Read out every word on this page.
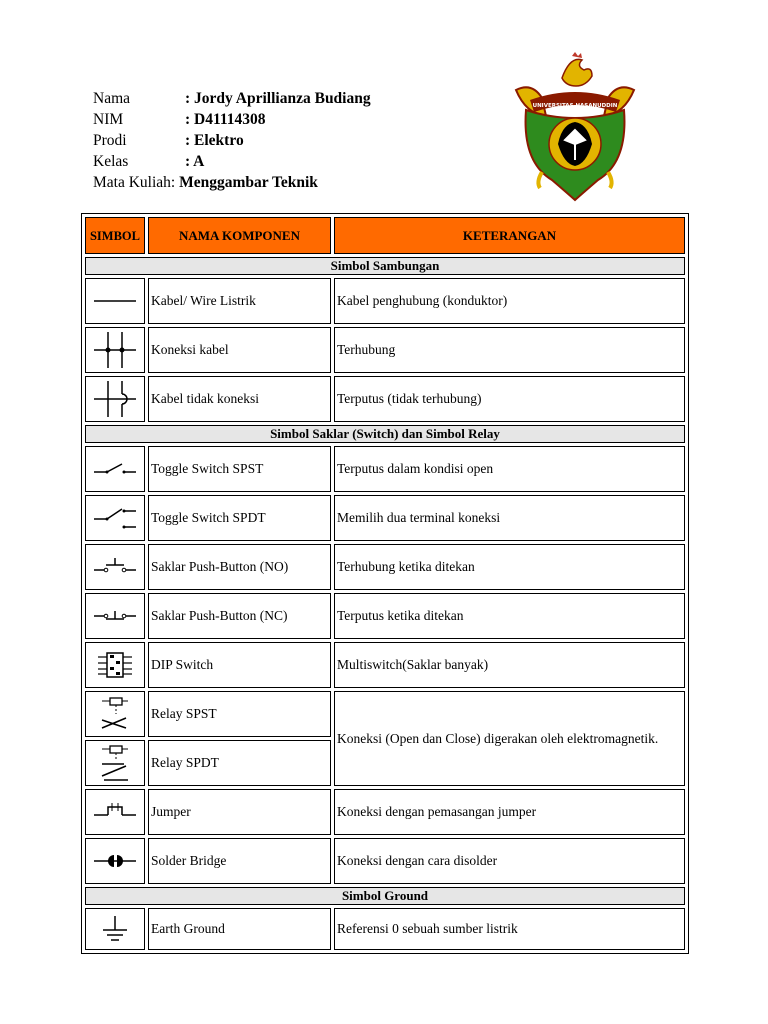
Nama	: Jordy Aprillianza Budiang
NIM	: D41114308
Prodi	: Elektro
Kelas	: A
Mata Kuliah:
Menggambar Teknik
UNIVERSITAS HASANUDDIN
SIMBOL	NAMA KOMPONEN	KETERANGAN
Simbol Sambungan		

	Kabel/ Wire Listrik	Kabel penghubung (konduktor)

	Koneksi kabel	Terhubung

	Kabel tidak koneksi	Terputus (tidak terhubung)
Simbol Saklar (Switch) dan Simbol Relay		

	Toggle Switch SPST	Terputus dalam kondisi open

	Toggle Switch SPDT	Memilih dua terminal koneksi

	Saklar Push-Button (NO)	Terhubung ketika ditekan

	Saklar Push-Button (NC)	Terputus ketika ditekan

	DIP Switch	Multiswitch(Saklar banyak)

	Relay SPST	Koneksi (Open dan Close) digerakan oleh elektromagnetik.

	Relay SPDT	

	Jumper	Koneksi dengan pemasangan jumper

	Solder Bridge	Koneksi dengan cara disolder
Simbol Ground		

	Earth Ground	Referensi 0 sebuah sumber listrik
